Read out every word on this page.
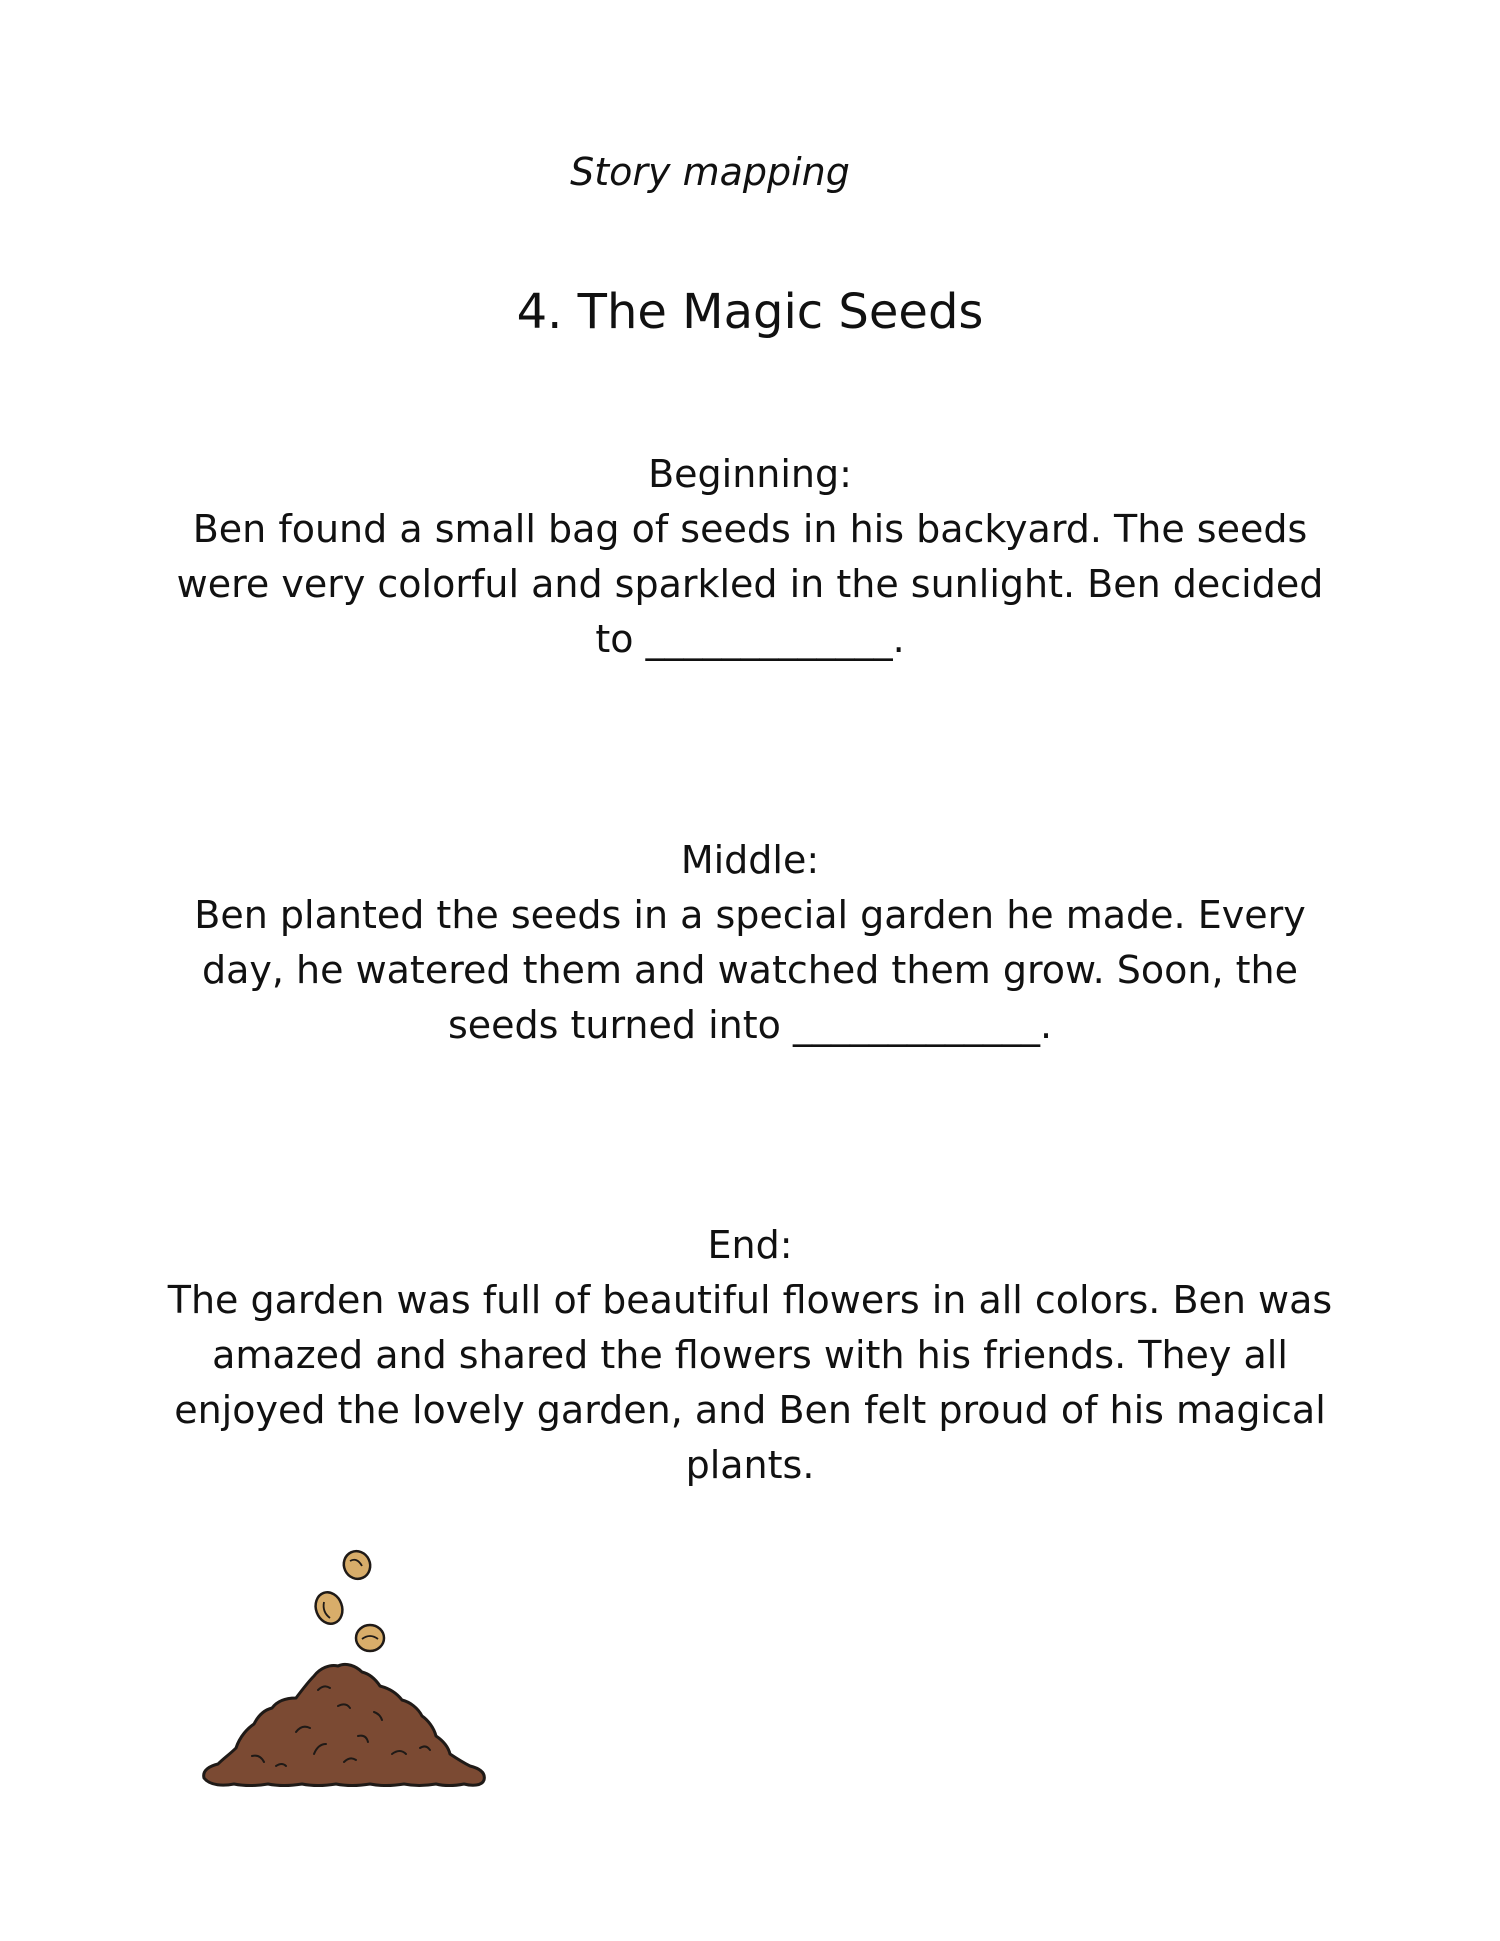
Story mapping
4. The Magic Seeds
Beginning:
Ben found a small bag of seeds in his backyard. The seeds
were very colorful and sparkled in the sunlight. Ben decided
to _____________.
Middle:
Ben planted the seeds in a special garden he made. Every
day, he watered them and watched them grow. Soon, the
seeds turned into _____________.
End:
The garden was full of beautiful flowers in all colors. Ben was
amazed and shared the flowers with his friends. They all
enjoyed the lovely garden, and Ben felt proud of his magical
plants.
